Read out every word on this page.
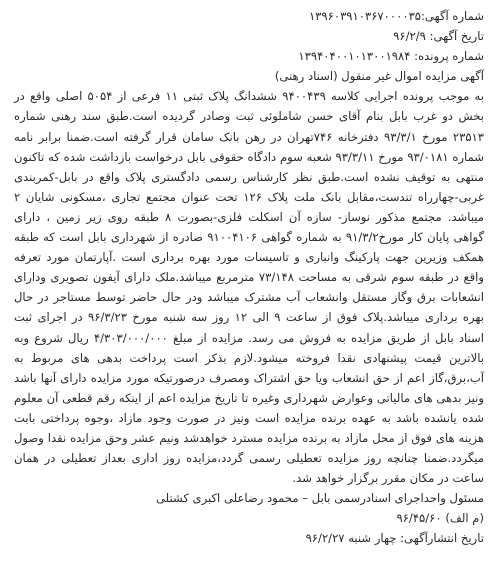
شماره آگهی:۱۳۹۶۰۳۹۱۰۳۶۷۰۰۰۰۳۵
تاریخ آگهی: ۹۶/۲/۹
شماره پرونده: ۱۳۹۴۰۴۰۰۱۰۱۳۰۰۱۹۸۴
آگهی مزایده اموال غیر منقول (اسناد رهنی)

به موجب پرونده اجرایی کلاسه ۹۴۰۰۴۳۹ ششدانگ پلاک ثبتی ۱۱ فرعی از ۵۰۵۴ اصلی واقع در بخش دو غرب بابل بنام آقای حسن شاملوئی ثبت وصادر گردیده است.طبق سند رهنی شماره ۲۳۵۱۳ مورخ ۹۳/۳/۱ دفترخانه ۷۴۶تهران در رهن بانک سامان قرار گرفته است.ضمنا برابر نامه شماره ۹۳/۰۱۸۱ مورخ ۹۳/۳/۱۱ شعبه سوم دادگاه حقوقی بابل درخواست بازداشت شده که تاکنون منتهی به توقیف نشده است.طبق نظر کارشناس رسمی دادگستری پلاک واقع در بابل-کمربندی غربی-چهارراه تندست،مقابل بانک ملت پلاک ۱۲۶ تحت عنوان مجتمع تجاری ،مسکونی شایان ۲ میباشد. مجتمع مذکور نوساز- سازه آن اسکلت فلزی-بصورت ۸ طبقه روی زیر زمین ، دارای گواهی پایان کار مورخ۹۱/۳/۲ به شماره گواهی ۹۱۰۰۴۱۰۶ صادره از شهرداری بابل است که طبقه همکف وزیرین جهت پارکینگ وانباری و تاسیسات مورد بهره برداری است .آپارتمان مورد تعرفه واقع در طبقه سوم شرقی به مساحت ۷۳/۱۴۸ مترمربع میباشد.ملک دارای آیفون تصویری ودارای انشعابات برق وگاز مستقل وانشعاب آب مشترک میباشد ودر حال حاضر توسط مستاجر در حال بهره برداری میباشد.پلاک فوق از ساعت ۹ الی ۱۲ روز سه شنبه مورخ ۹۶/۳/۲۳ در اجرای ثبت اسناد بابل از طریق مزایده به فروش می رسد. مزایده از مبلغ ۴/۳۰۳/۰۰۰/۰۰۰ ریال شروع وبه بالاترین قیمت پیشنهادی نقدا فروخته میشود.لازم بذکر است پرداخت بدهی های مربوط به آب،برق،گاز اعم از حق انشعاب ویا حق اشتراک ومصرف درصورتیکه مورد مزایده دارای آنها باشد ونیز بدهی های مالیاتی وعوارض شهرداری وغیره تا تاریخ مزایده اعم از اینکه رقم قطعی آن معلوم شده یانشده باشد به عهده برنده مزایده است ونیز در صورت وجود مازاد ،وجوه پرداختی بابت هزینه های فوق از محل مازاد به برنده مزایده مسترد خواهدشد ونیم عشر وحق مزایده نقدا وصول میگردد.ضمنا چنانچه روز مزایده تعطیلی رسمی گردد،مزایده روز اداری بعداز تعطیلی در همان ساعت در مکان مقرر برگزار خواهد شد.

مسئول واحداجرای اسنادرسمی بابل – محمود رضاعلی اکبری کشتلی
(م الف) ۹۶/۴۵/۶۰
تاریخ انتشارآگهی: چهار شنبه ۹۶/۲/۲۷
